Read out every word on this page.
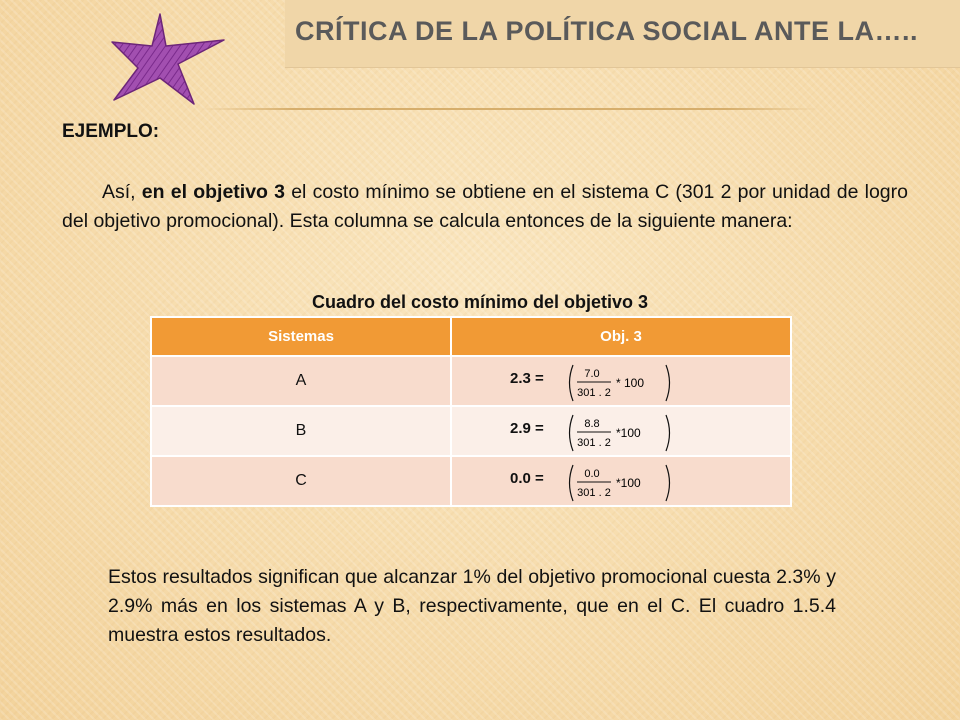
CRÍTICA DE LA POLÍTICA SOCIAL ANTE LA…..
EJEMPLO:
Así, en el objetivo 3 el costo mínimo se obtiene en el sistema C (301 2 por unidad de logro del objetivo promocional). Esta columna se calcula entonces de la siguiente manera:
Cuadro del costo mínimo del objetivo 3
Sistemas	Obj. 3
A	2.3 = 7.0
301 . 2
* 100

B	2.9 = 8.8
301 . 2
*100

C	0.0 = 0.0
301 . 2
*100
Estos resultados significan que alcanzar 1% del objetivo promocional cuesta 2.3% y 2.9% más en los sistemas A y B, respectivamente, que en el C. El cuadro 1.5.4 muestra estos resultados.
